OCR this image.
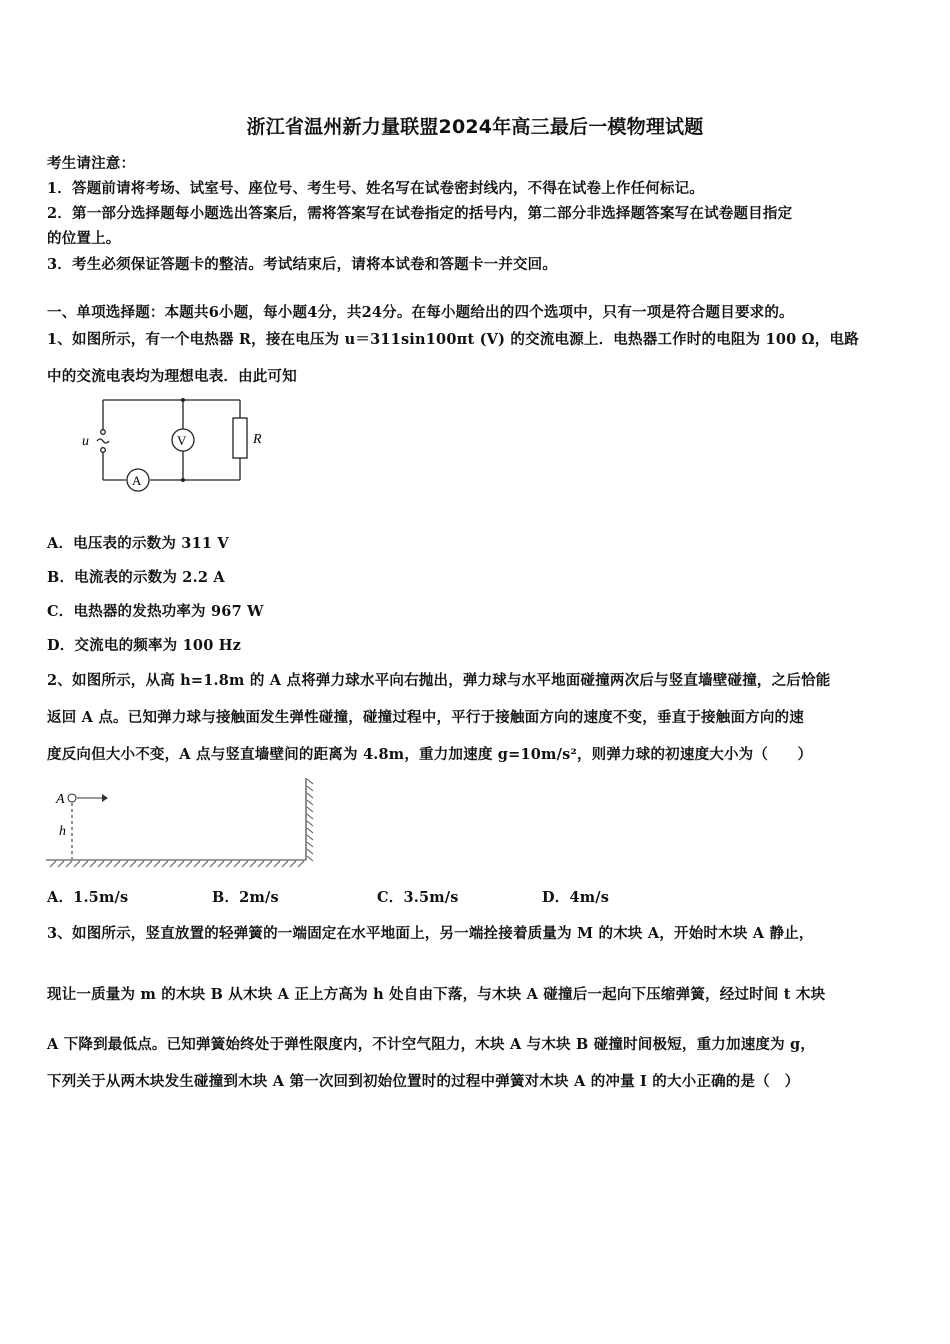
浙江省温州新力量联盟2024年高三最后一模物理试题
考生请注意：
1．答题前请将考场、试室号、座位号、考生号、姓名写在试卷密封线内，不得在试卷上作任何标记。
2．第一部分选择题每小题选出答案后，需将答案写在试卷指定的括号内，第二部分非选择题答案写在试卷题目指定
的位置上。
3．考生必须保证答题卡的整洁。考试结束后，请将本试卷和答题卡一并交回。
一、单项选择题：本题共6小题，每小题4分，共24分。在每小题给出的四个选项中，只有一项是符合题目要求的。
1、如图所示，有一个电热器 R，接在电压为 u＝311sin100πt (V) 的交流电源上．电热器工作时的电阻为 100 Ω，电路
中的交流电表均为理想电表．由此可知
u	V
A
R
A．电压表的示数为 311 V
B．电流表的示数为 2.2 A
C．电热器的发热功率为 967 W
D．交流电的频率为 100 Hz
2、如图所示，从高 h=1.8m 的 A 点将弹力球水平向右抛出，弹力球与水平地面碰撞两次后与竖直墙壁碰撞，之后恰能
返回 A 点。已知弹力球与接触面发生弹性碰撞，碰撞过程中，平行于接触面方向的速度不变，垂直于接触面方向的速
度反向但大小不变，A 点与竖直墙壁间的距离为 4.8m，重力加速度 g=10m/s²，则弹力球的初速度大小为（　　）
A
h
A．1.5m/s	B．2m/s	C．3.5m/s	D．4m/s
3、如图所示，竖直放置的轻弹簧的一端固定在水平地面上，另一端拴接着质量为 M 的木块 A，开始时木块 A 静止，
现让一质量为 m 的木块 B 从木块 A 正上方高为 h 处自由下落，与木块 A 碰撞后一起向下压缩弹簧，经过时间 t 木块
A 下降到最低点。已知弹簧始终处于弹性限度内，不计空气阻力，木块 A 与木块 B 碰撞时间极短，重力加速度为 g，
下列关于从两木块发生碰撞到木块 A 第一次回到初始位置时的过程中弹簧对木块 A 的冲量 I 的大小正确的是（　）
